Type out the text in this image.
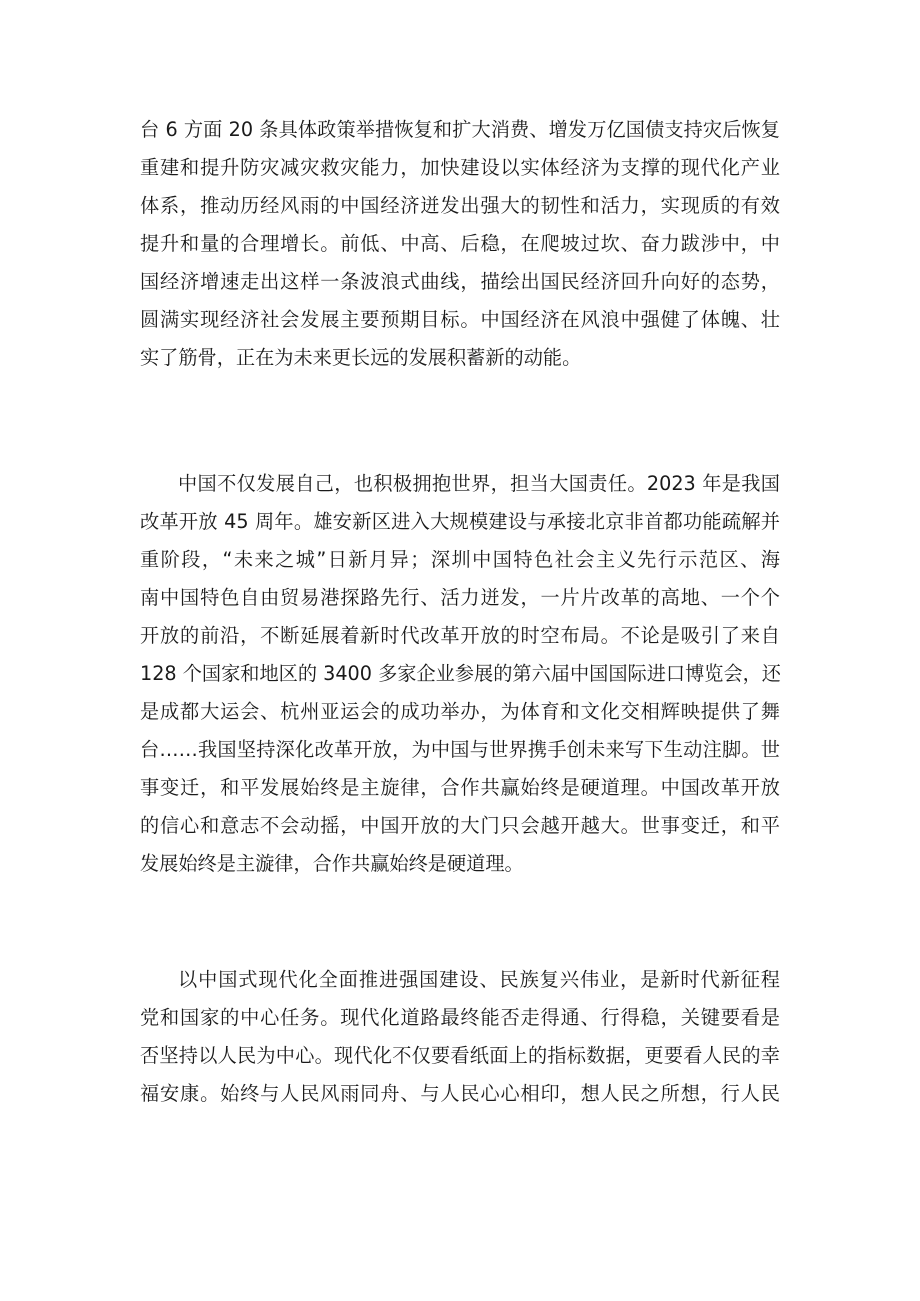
台 6 方面 20 条具体政策举措恢复和扩大消费、增发万亿国债支持灾后恢复
重建和提升防灾减灾救灾能力，加快建设以实体经济为支撑的现代化产业
体系，推动历经风雨的中国经济迸发出强大的韧性和活力，实现质的有效
提升和量的合理增长。前低、中高、后稳，在爬坡过坎、奋力跋涉中，中
国经济增速走出这样一条波浪式曲线，描绘出国民经济回升向好的态势，
圆满实现经济社会发展主要预期目标。中国经济在风浪中强健了体魄、壮
实了筋骨，正在为未来更长远的发展积蓄新的动能。
中国不仅发展自己，也积极拥抱世界，担当大国责任。2023 年是我国
改革开放 45 周年。雄安新区进入大规模建设与承接北京非首都功能疏解并
重阶段，“未来之城”日新月异；深圳中国特色社会主义先行示范区、海
南中国特色自由贸易港探路先行、活力迸发，一片片改革的高地、一个个
开放的前沿，不断延展着新时代改革开放的时空布局。不论是吸引了来自
128 个国家和地区的 3400 多家企业参展的第六届中国国际进口博览会，还
是成都大运会、杭州亚运会的成功举办，为体育和文化交相辉映提供了舞
台……我国坚持深化改革开放，为中国与世界携手创未来写下生动注脚。世
事变迁，和平发展始终是主旋律，合作共赢始终是硬道理。中国改革开放
的信心和意志不会动摇，中国开放的大门只会越开越大。世事变迁，和平
发展始终是主漩律，合作共赢始终是硬道理。
以中国式现代化全面推进强国建设、民族复兴伟业，是新时代新征程
党和国家的中心任务。现代化道路最终能否走得通、行得稳，关键要看是
否坚持以人民为中心。现代化不仅要看纸面上的指标数据，更要看人民的幸
福安康。始终与人民风雨同舟、与人民心心相印，想人民之所想，行人民
